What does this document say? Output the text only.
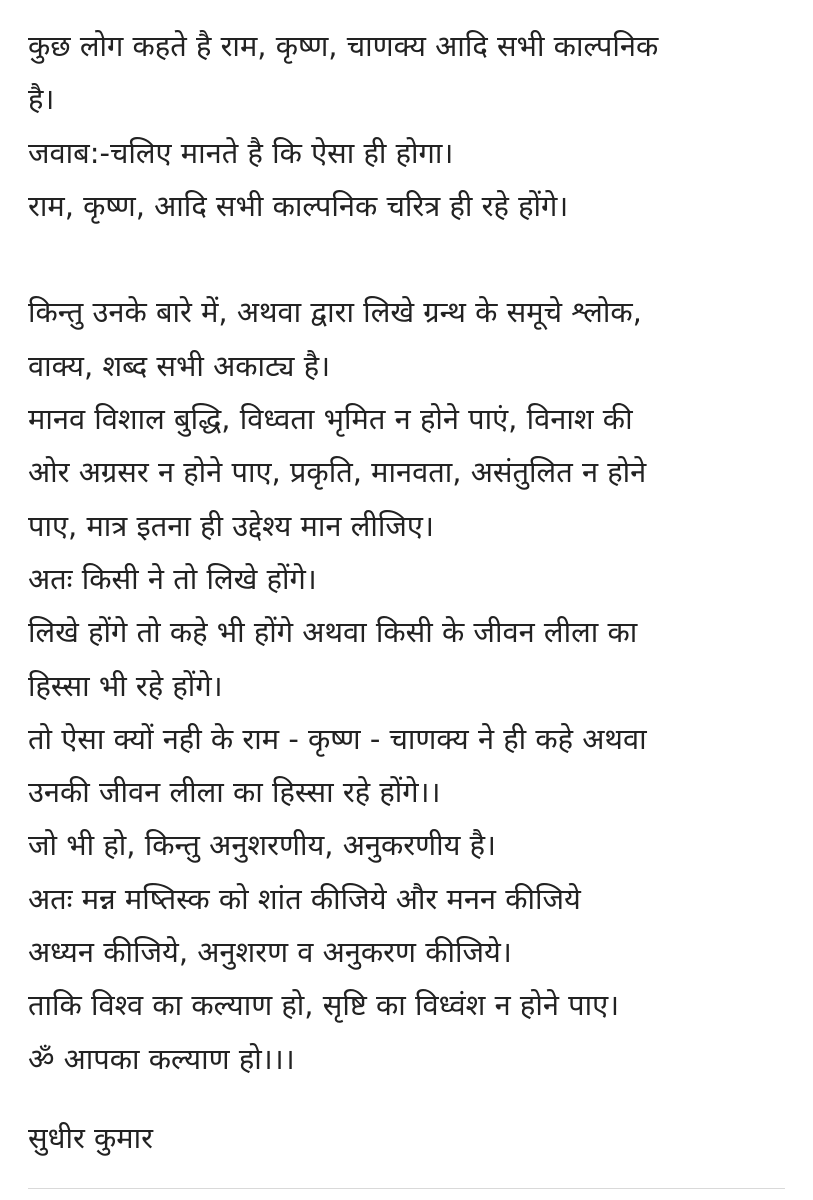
कुछ लोग कहते है राम, कृष्ण, चाणक्य आदि सभी काल्पनिक
है।
जवाब:-चलिए मानते है कि ऐसा ही होगा।
राम, कृष्ण, आदि सभी काल्पनिक चरित्र ही रहे होंगे।
किन्तु उनके बारे में, अथवा द्वारा लिखे ग्रन्थ के समूचे श्लोक,
वाक्य, शब्द सभी अकाट्य है।
मानव विशाल बुद्धि, विध्वता भृमित न होने पाएं, विनाश की
ओर अग्रसर न होने पाए, प्रकृति, मानवता, असंतुलित न होने
पाए, मात्र इतना ही उद्देश्य मान लीजिए।
अतः किसी ने तो लिखे होंगे।
लिखे होंगे तो कहे भी होंगे अथवा किसी के जीवन लीला का
हिस्सा भी रहे होंगे।
तो ऐसा क्यों नही के राम - कृष्ण - चाणक्य ने ही कहे अथवा
उनकी जीवन लीला का हिस्सा रहे होंगे।।
जो भी हो, किन्तु अनुशरणीय, अनुकरणीय है।
अतः मन्न मष्तिस्क को शांत कीजिये और मनन कीजिये
अध्यन कीजिये, अनुशरण व अनुकरण कीजिये।
ताकि विश्व का कल्याण हो, सृष्टि का विध्वंश न होने पाए।
ॐ आपका कल्याण हो।।।
सुधीर कुमार
